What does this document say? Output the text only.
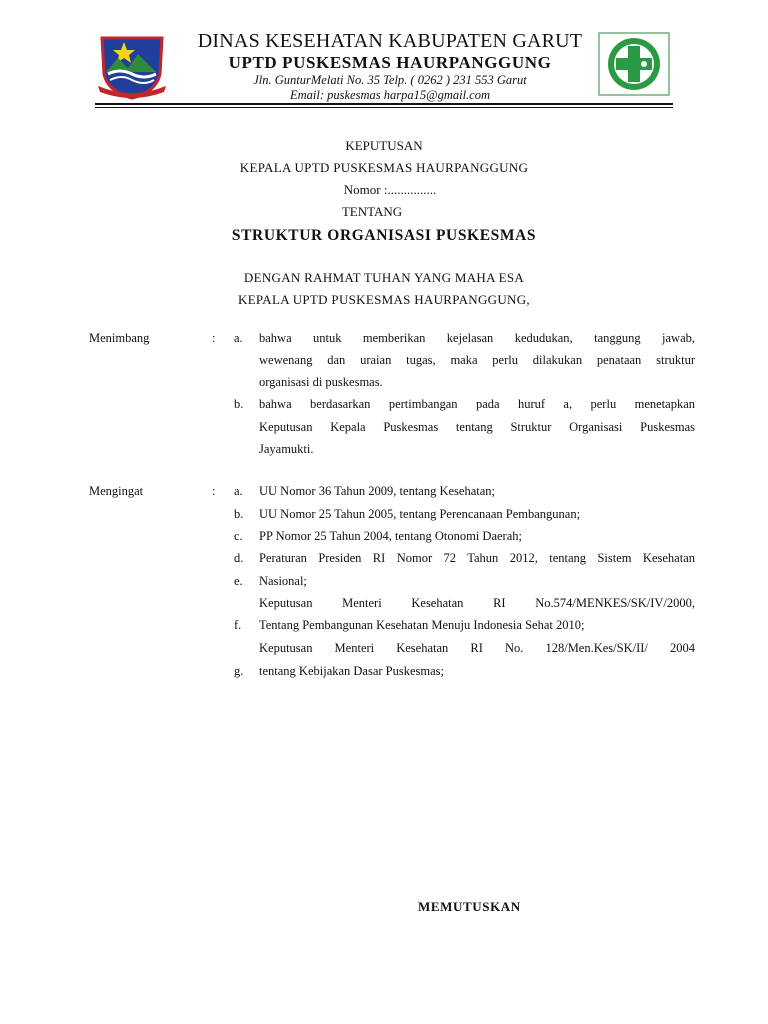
DINAS KESEHATAN KABUPATEN GARUT
UPTD PUSKESMAS HAURPANGGUNG
Jln. GunturMelati No. 35 Telp. ( 0262 ) 231 553 Garut
Email: puskesmas harpa15@gmail.com
KEPUTUSAN
KEPALA UPTD PUSKESMAS HAURPANGGUNG
Nomor :...............
TENTANG
STRUKTUR ORGANISASI PUSKESMAS
DENGAN RAHMAT TUHAN YANG MAHA ESA
KEPALA UPTD PUSKESMAS HAURPANGGUNG,
Menimbang	: a.
b.
bahwa untuk memberikan kejelasan kedudukan, tanggung jawab,
wewenang dan uraian tugas, maka perlu dilakukan penataan struktur
organisasi di puskesmas.
bahwa berdasarkan pertimbangan pada huruf a, perlu menetapkan
Keputusan Kepala Puskesmas tentang Struktur Organisasi Puskesmas
Jayamukti.
Mengingat	: a.
b.
c.
d.
e.
f.
g.
UU Nomor 36 Tahun 2009, tentang Kesehatan;
UU Nomor 25 Tahun 2005, tentang Perencanaan Pembangunan;
PP Nomor 25 Tahun 2004, tentang Otonomi Daerah;
Peraturan Presiden RI Nomor 72 Tahun 2012, tentang Sistem Kesehatan
Nasional;
Keputusan Menteri Kesehatan RI No.574/MENKES/SK/IV/2000,
Tentang Pembangunan Kesehatan Menuju Indonesia Sehat 2010;
Keputusan Menteri Kesehatan RI No. 128/Men.Kes/SK/II/ 2004
tentang Kebijakan Dasar Puskesmas;
MEMUTUSKAN
